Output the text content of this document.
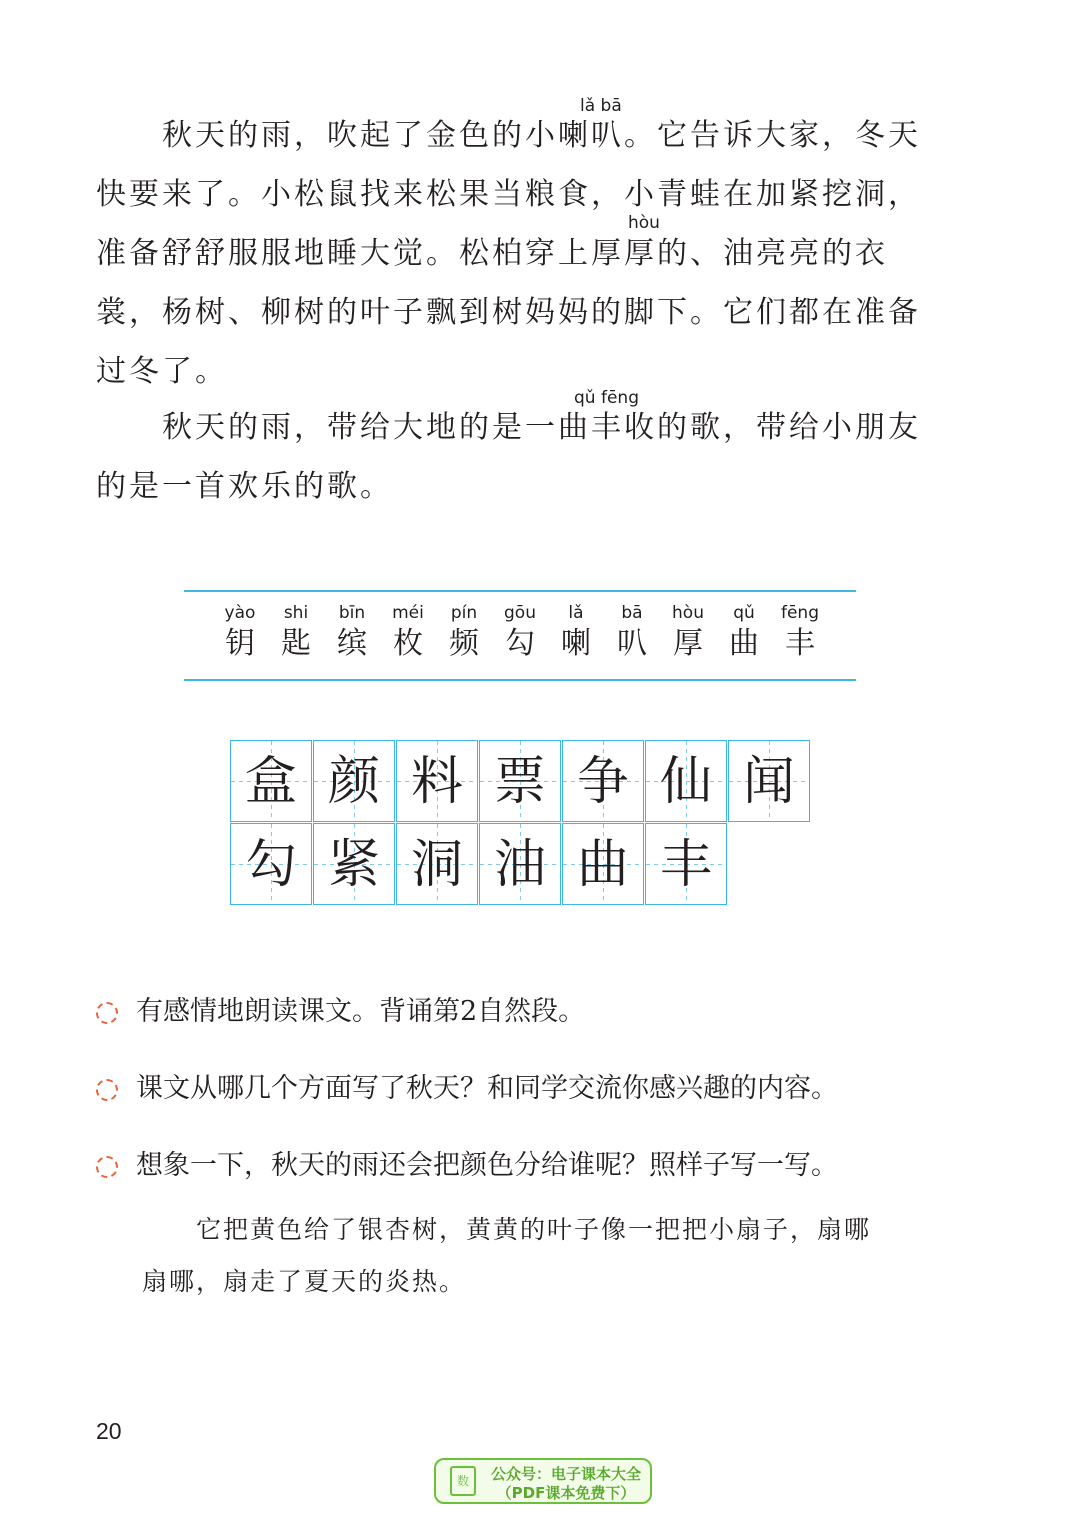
lǎ bā
hòu
　　秋天的雨，吹起了金色的小喇叭。它告诉大家，冬天
快要来了。小松鼠找来松果当粮食，小青蛙在加紧挖洞，
准备舒舒服服地睡大觉。松柏穿上厚厚的、油亮亮的衣
裳，杨树、柳树的叶子飘到树妈妈的脚下。它们都在准备
过冬了。
qǔ fēng
　　秋天的雨，带给大地的是一曲丰收的歌，带给小朋友
的是一首欢乐的歌。
yào
钥
shi
匙
bīn
缤
méi
枚
pín
频
gōu
勾
lǎ
喇
bā
叭
hòu
厚
qǔ
曲
fēng
丰
盒 颜 料 票 争 仙 闻
勾 紧 洞 油 曲 丰
有感情地朗读课文。背诵第2自然段。
课文从哪几个方面写了秋天？和同学交流你感兴趣的内容。
想象一下，秋天的雨还会把颜色分给谁呢？照样子写一写。
　　它把黄色给了银杏树，黄黄的叶子像一把把小扇子，扇哪
扇哪，扇走了夏天的炎热。
20
数	公众号：电子课本大全
（PDF课本免费下）
